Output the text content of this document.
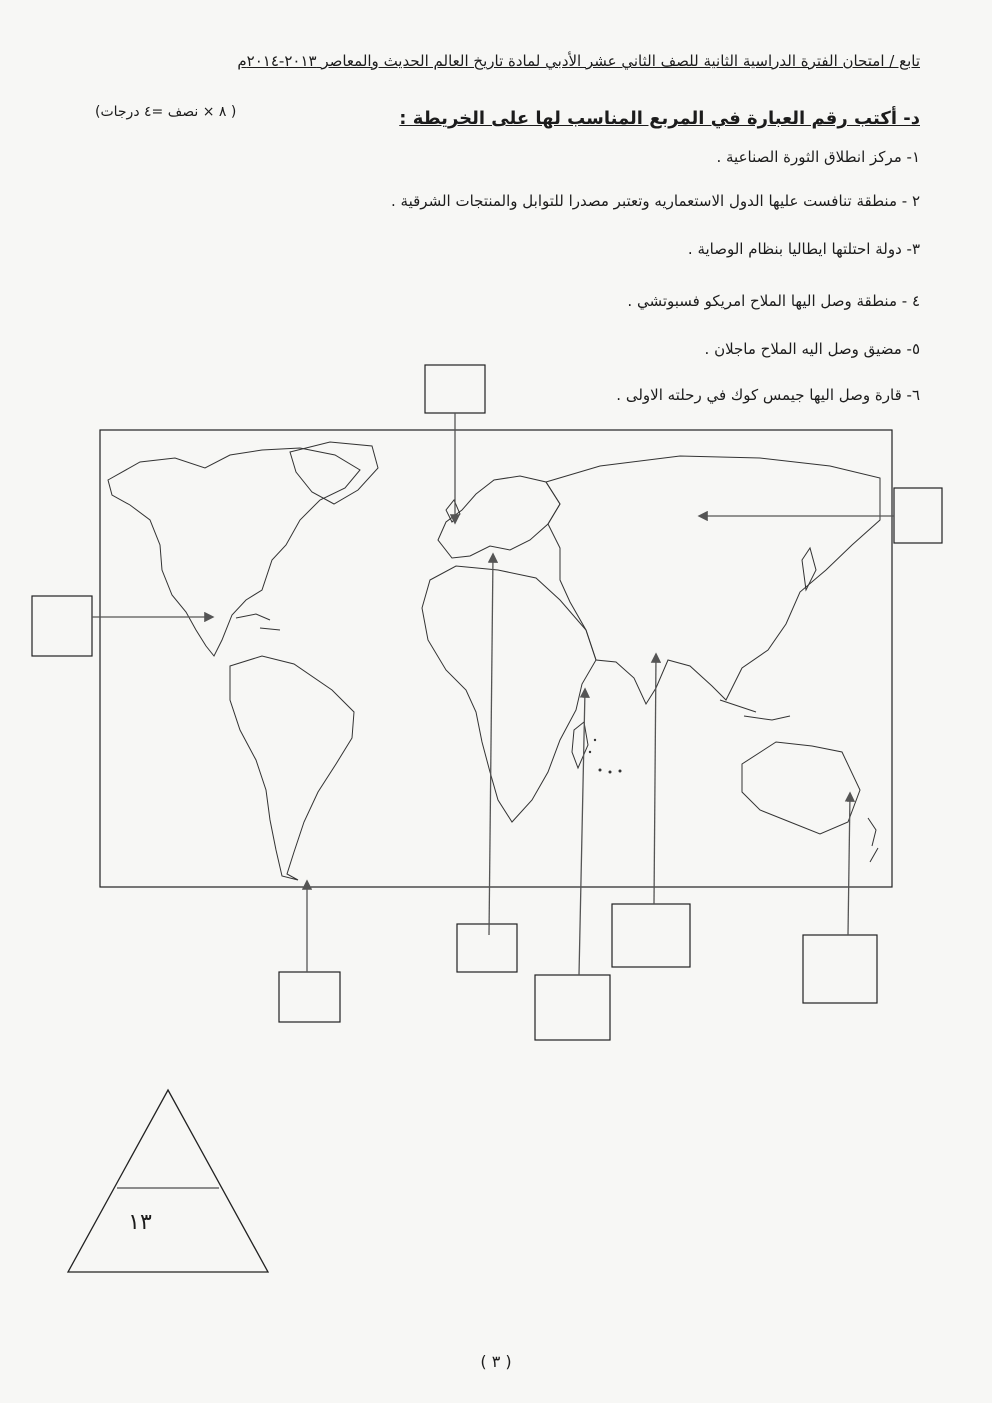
تابع / امتحان الفترة الدراسية الثانية للصف الثاني عشر الأدبي لمادة تاريخ العالم الحديث والمعاصر ٢٠١٣-٢٠١٤م
د- أكتب رقم العبارة في المربع المناسب لها على الخريطة :
( ٨ × نصف =٤ درجات)
١- مركز انطلاق الثورة الصناعية .
٢ - منطقة تنافست عليها الدول الاستعماريه وتعتبر مصدرا للتوابل والمنتجات الشرقية .
٣- دولة احتلتها ايطاليا بنظام الوصاية .
٤ - منطقة وصل اليها الملاح امريكو فسبوتشي .
٥- مضيق وصل اليه الملاح ماجلان .
٦- قارة وصل اليها جيمس كوك في رحلته الاولى .
١٣
( ٣ )
